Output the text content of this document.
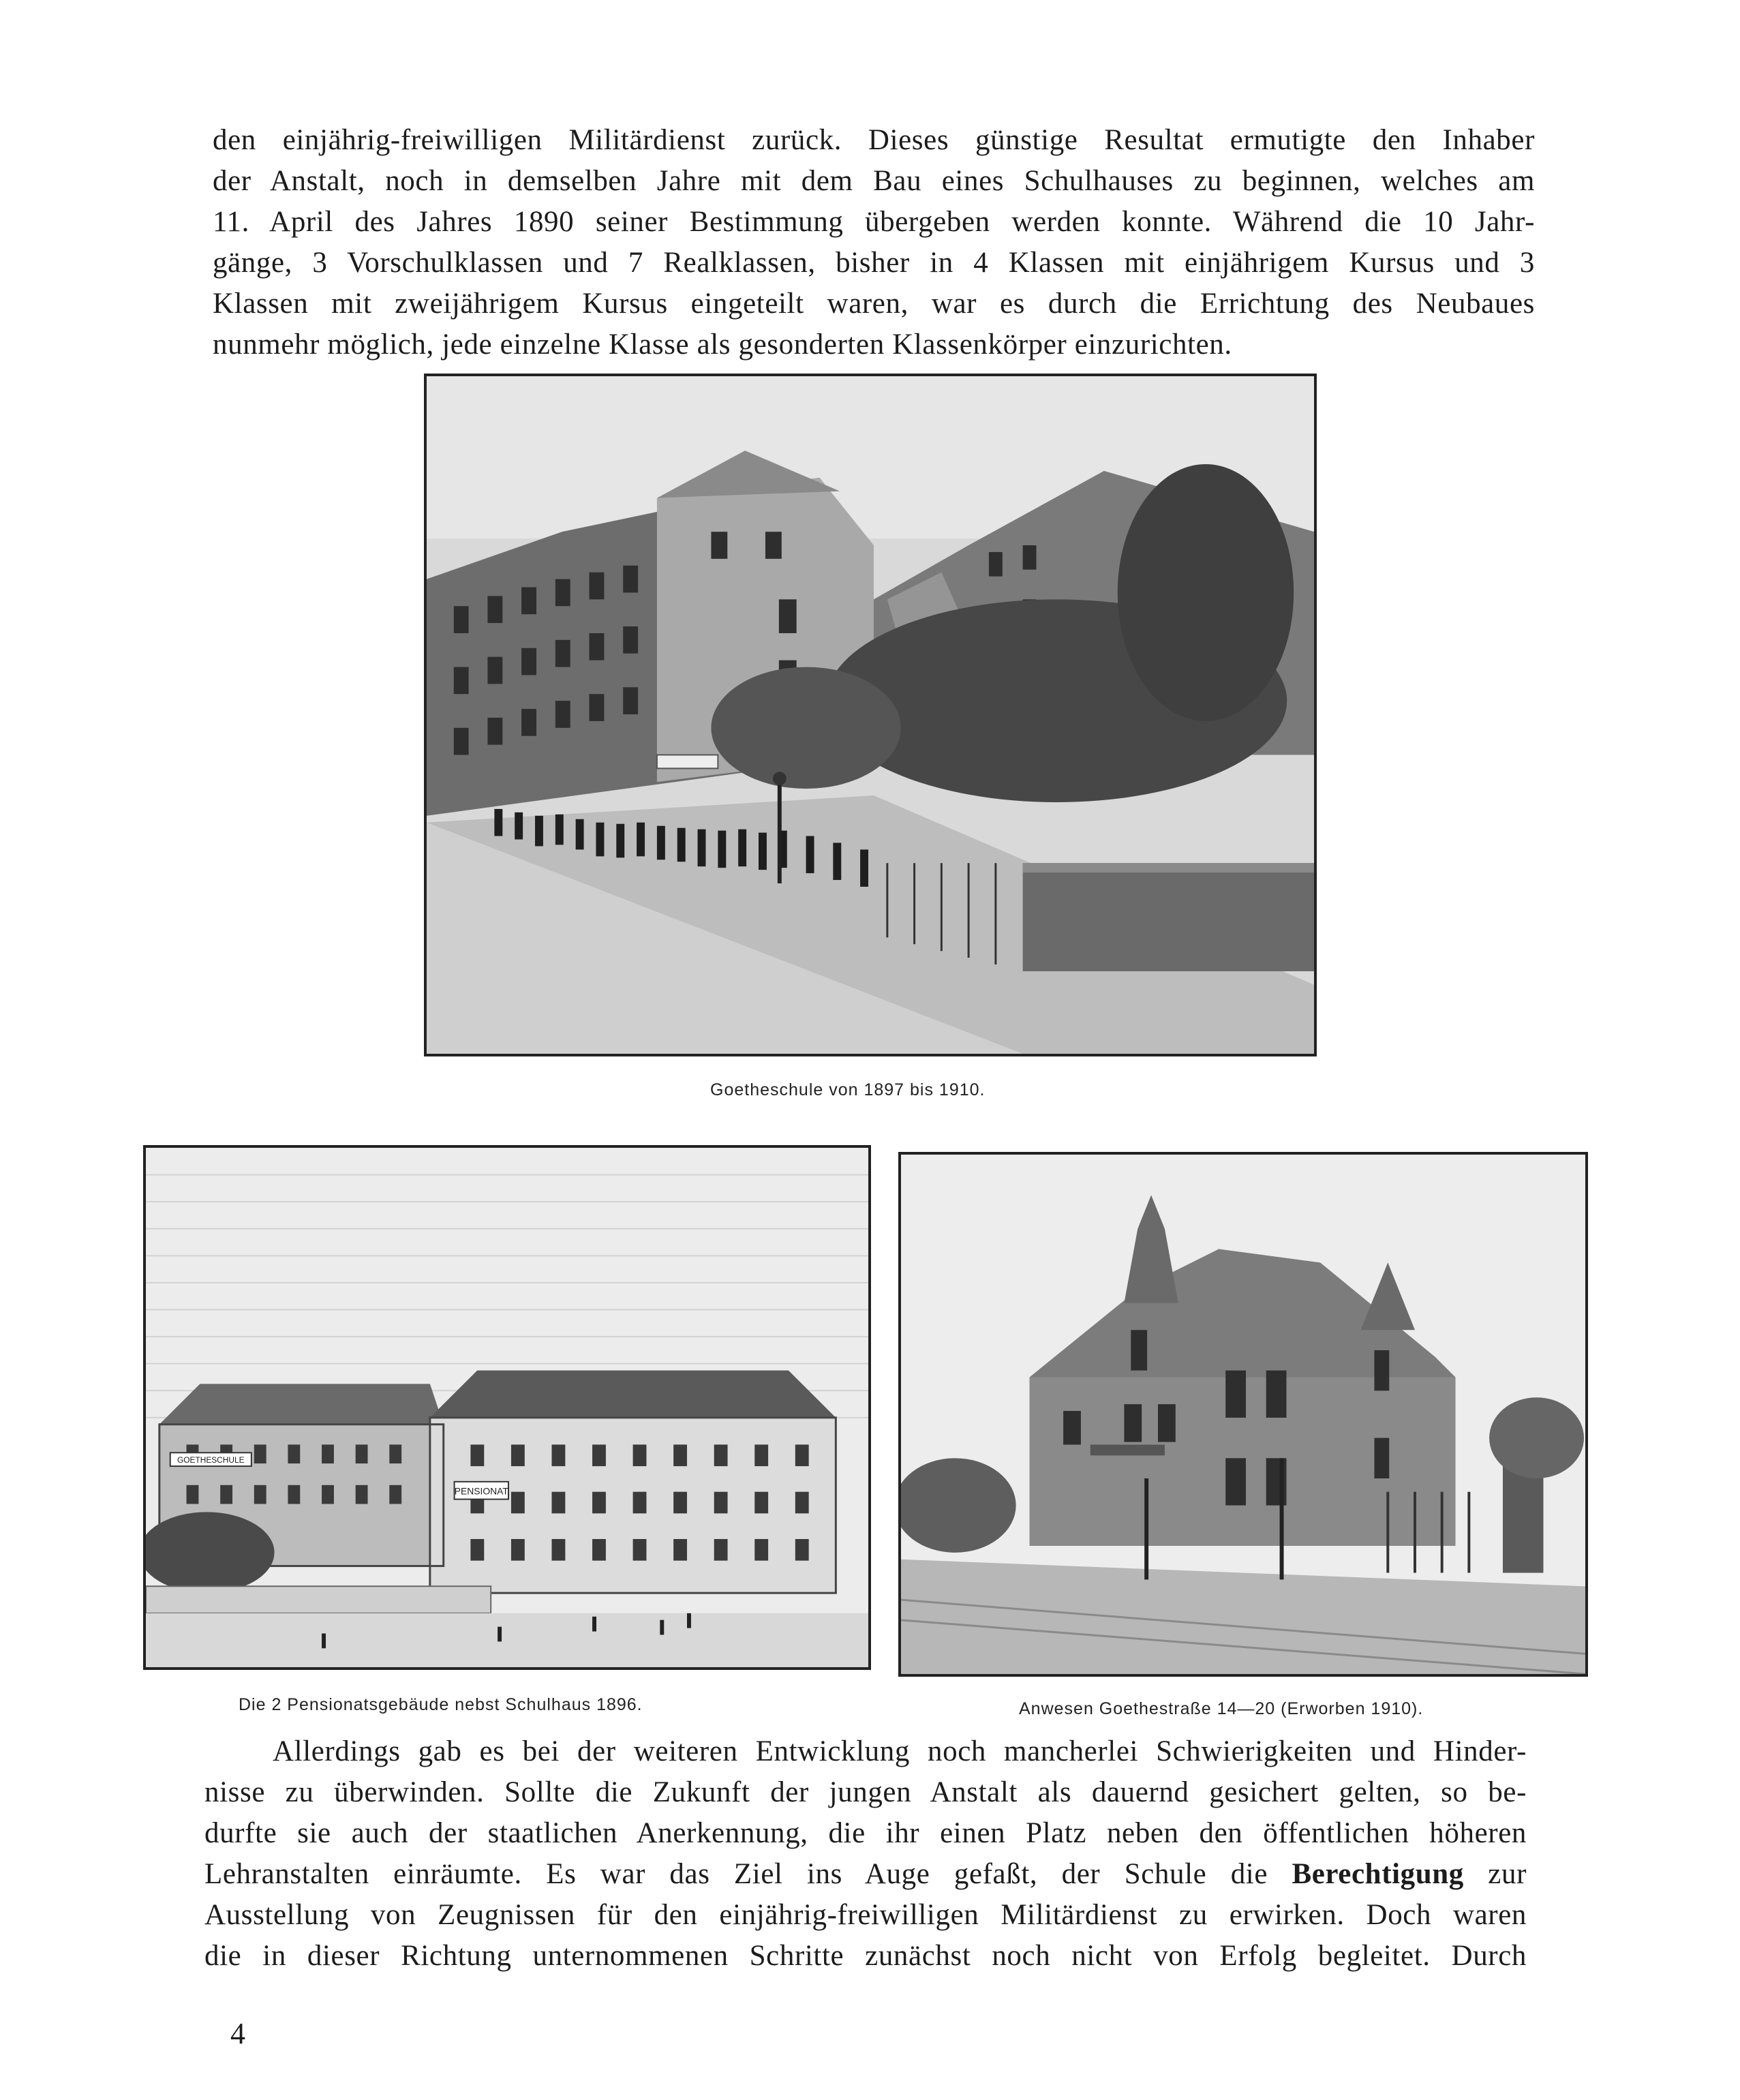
den einjährig-freiwilligen Militärdienst zurück. Dieses günstige Resultat ermutigte den Inhaber
der Anstalt, noch in demselben Jahre mit dem Bau eines Schulhauses zu beginnen, welches am
11. April des Jahres 1890 seiner Bestimmung übergeben werden konnte. Während die 10 Jahr-
gänge, 3 Vorschulklassen und 7 Realklassen, bisher in 4 Klassen mit einjährigem Kursus und 3
Klassen mit zweijährigem Kursus eingeteilt waren, war es durch die Errichtung des Neubaues
nunmehr möglich, jede einzelne Klasse als gesonderten Klassenkörper einzurichten.

Goetheschule von 1897 bis 1910.

GOETHESCHULE
PENSIONAT

Die 2 Pensionatsgebäude nebst Schulhaus 1896.	Anwesen Goethestraße 14—20 (Erworben 1910).

Allerdings gab es bei der weiteren Entwicklung noch mancherlei Schwierigkeiten und Hinder-
nisse zu überwinden. Sollte die Zukunft der jungen Anstalt als dauernd gesichert gelten, so be-
durfte sie auch der staatlichen Anerkennung, die ihr einen Platz neben den öffentlichen höheren
Lehranstalten einräumte. Es war das Ziel ins Auge gefaßt, der Schule die Berechtigung zur
Ausstellung von Zeugnissen für den einjährig-freiwilligen Militärdienst zu erwirken. Doch waren
die in dieser Richtung unternommenen Schritte zunächst noch nicht von Erfolg begleitet. Durch

4
